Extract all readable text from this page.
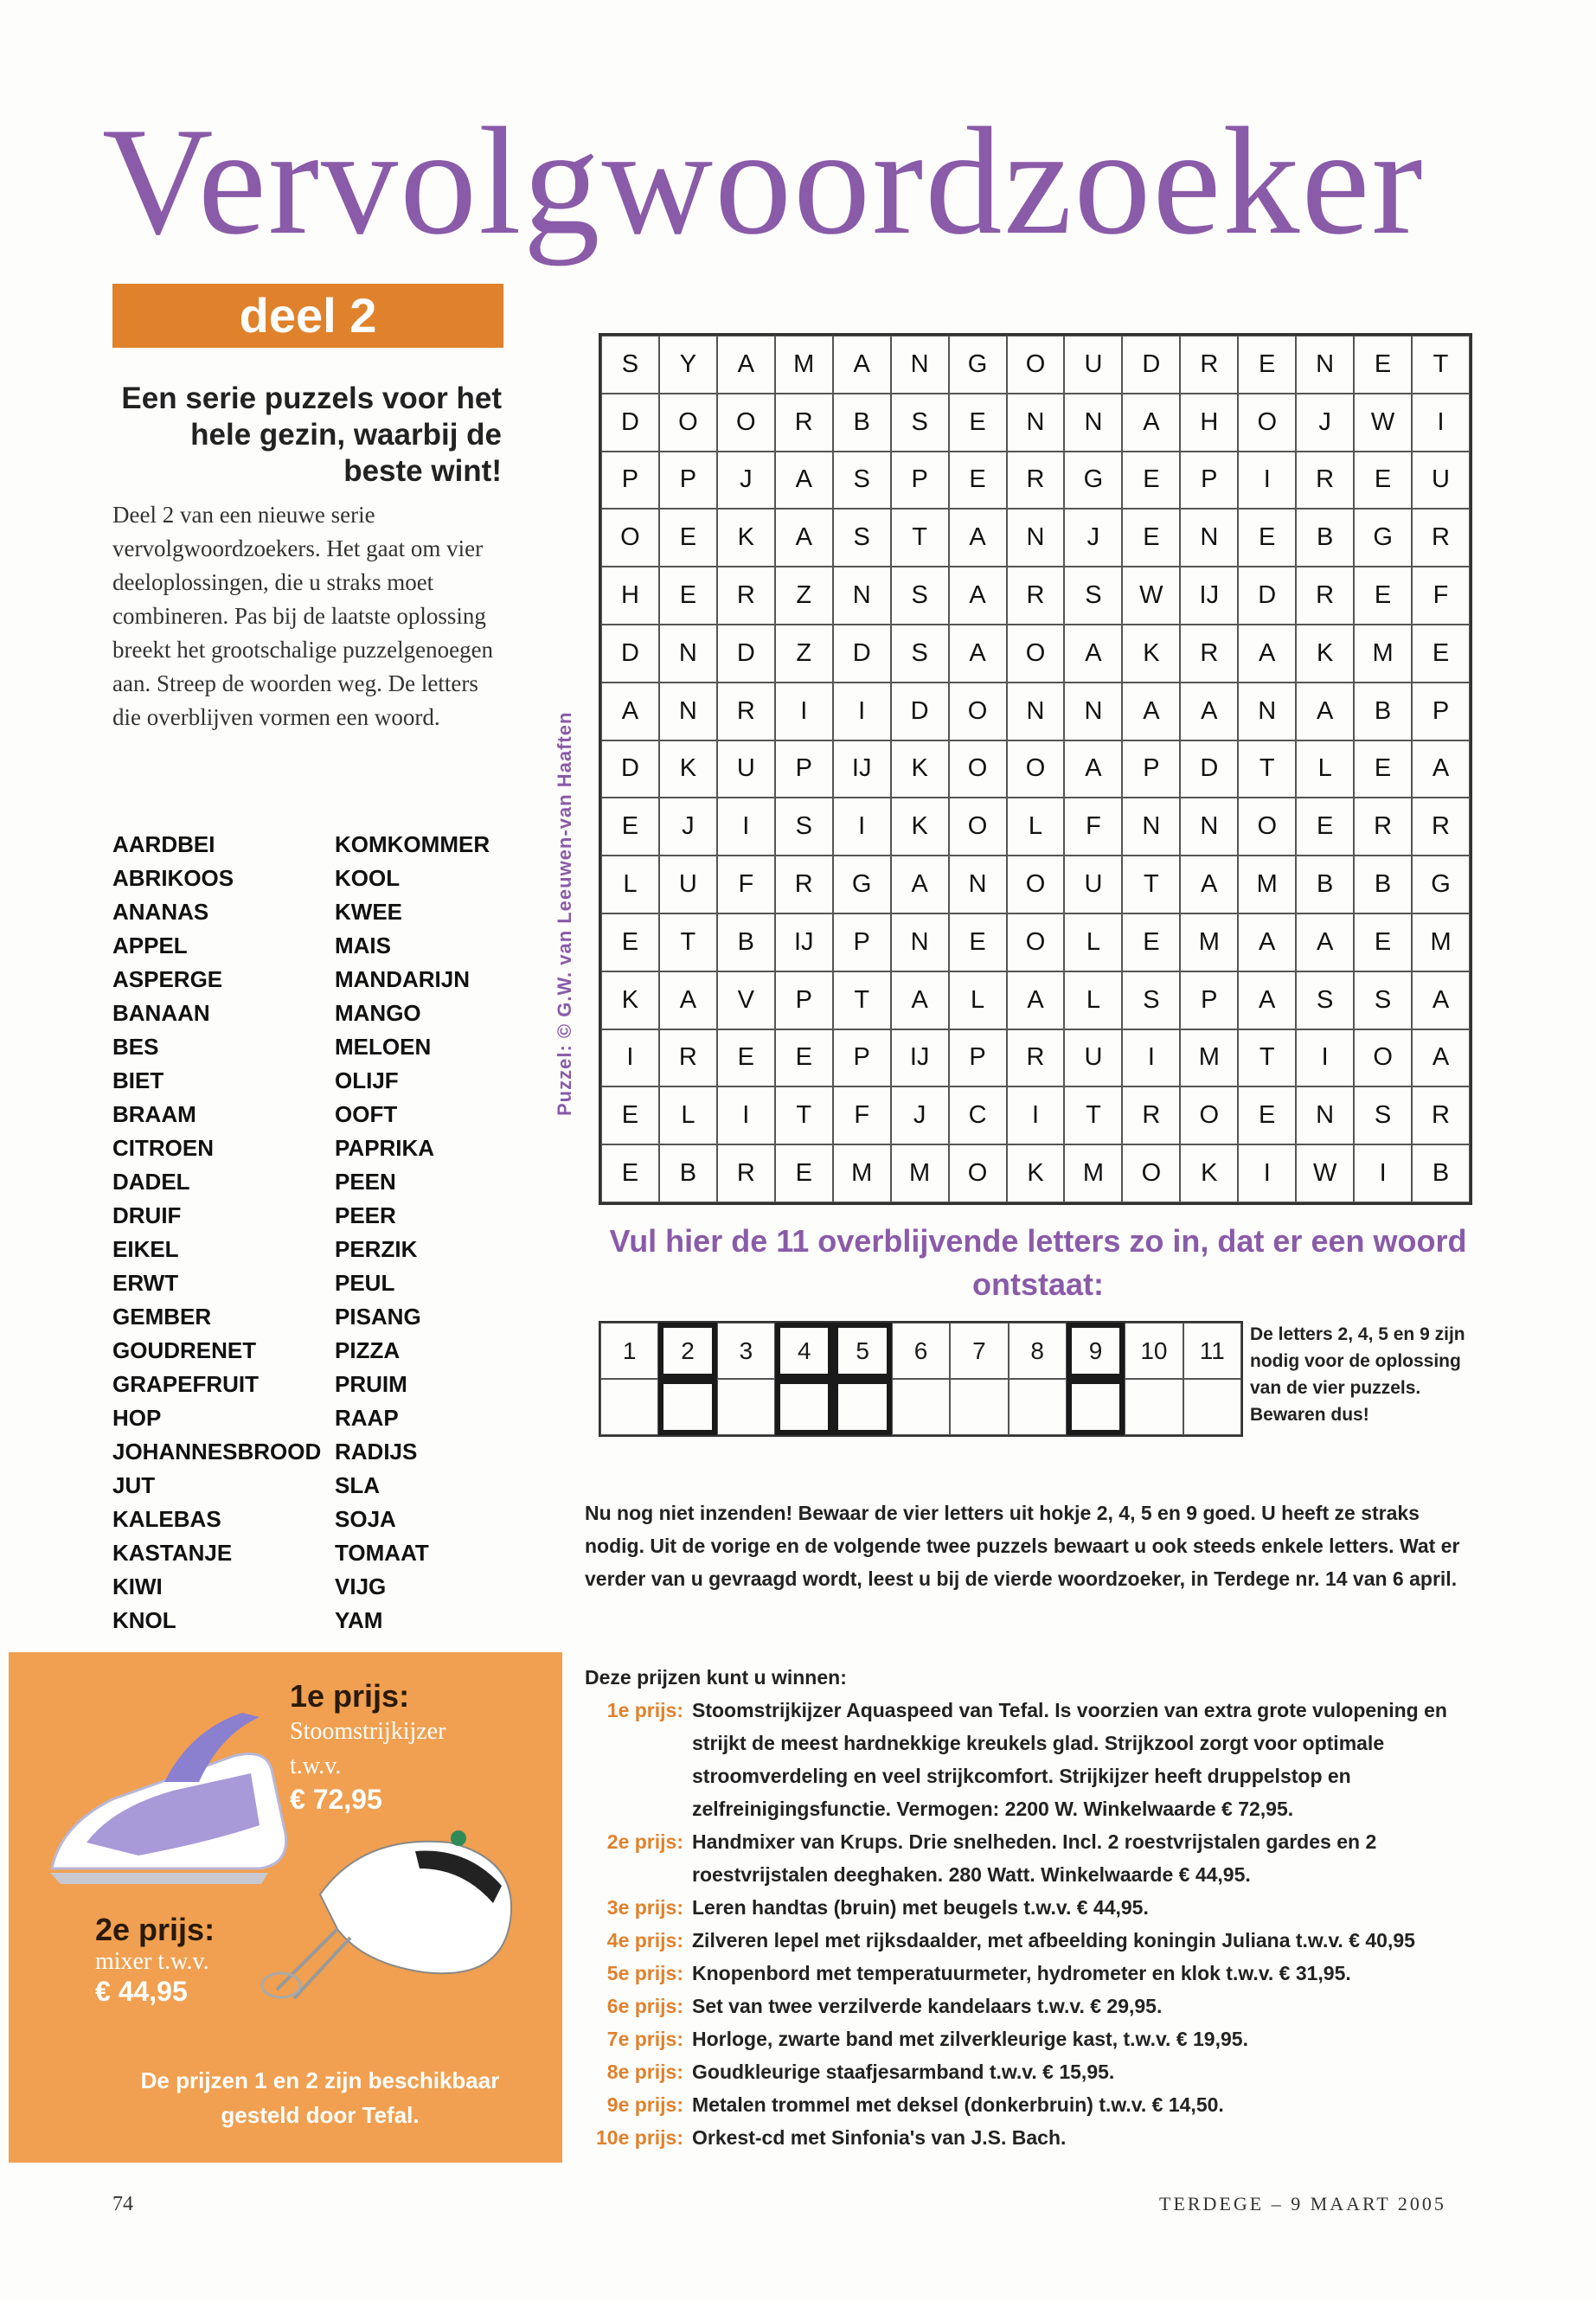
Vervolgwoordzoeker
deel 2
Een serie puzzels voor het hele gezin, waarbij de beste wint!
Deel 2 van een nieuwe serie vervolgwoordzoekers. Het gaat om vier deeloplossingen, die u straks moet combineren. Pas bij de laatste oplossing breekt het grootschalige puzzelgenoegen aan. Streep de woorden weg. De letters die overblijven vormen een woord.
AARDBEI
ABRIKOOS
ANANAS
APPEL
ASPERGE
BANAAN
BES
BIET
BRAAM
CITROEN
DADEL
DRUIF
EIKEL
ERWT
GEMBER
GOUDRENET
GRAPEFRUIT
HOP
JOHANNESBROOD
JUT
KALEBAS
KASTANJE
KIWI
KNOL
KOMKOMMER
KOOL
KWEE
MAIS
MANDARIJN
MANGO
MELOEN
OLIJF
OOFT
PAPRIKA
PEEN
PEER
PERZIK
PEUL
PISANG
PIZZA
PRUIM
RAAP
RADIJS
SLA
SOJA
TOMAAT
VIJG
YAM
Puzzel: © G.W. van Leeuwen-van Haaften
S	Y	A	M	A	N	G	O	U	D	R	E	N	E	T
D	O	O	R	B	S	E	N	N	A	H	O	J	W	I
P	P	J	A	S	P	E	R	G	E	P	I	R	E	U
O	E	K	A	S	T	A	N	J	E	N	E	B	G	R
H	E	R	Z	N	S	A	R	S	W	IJ	D	R	E	F
D	N	D	Z	D	S	A	O	A	K	R	A	K	M	E
A	N	R	I	I	D	O	N	N	A	A	N	A	B	P
D	K	U	P	IJ	K	O	O	A	P	D	T	L	E	A
E	J	I	S	I	K	O	L	F	N	N	O	E	R	R
L	U	F	R	G	A	N	O	U	T	A	M	B	B	G
E	T	B	IJ	P	N	E	O	L	E	M	A	A	E	M
K	A	V	P	T	A	L	A	L	S	P	A	S	S	A
I	R	E	E	P	IJ	P	R	U	I	M	T	I	O	A
E	L	I	T	F	J	C	I	T	R	O	E	N	S	R
E	B	R	E	M	M	O	K	M	O	K	I	W	I	B
Vul hier de 11 overblijvende letters zo in, dat er een woord ontstaat:
1	2	3	4	5	6	7	8	9	10	11
De letters 2, 4, 5 en 9 zijn nodig voor de oplossing van de vier puzzels. Bewaren dus!
Nu nog niet inzenden! Bewaar de vier letters uit hokje 2, 4, 5 en 9 goed. U heeft ze straks nodig. Uit de vorige en de volgende twee puzzels bewaart u ook steeds enkele letters. Wat er verder van u gevraagd wordt, leest u bij de vierde woordzoeker, in Terdege nr. 14 van 6 april.
Deze prijzen kunt u winnen:
1e prijs: Stoomstrijkijzer Aquaspeed van Tefal. Is voorzien van extra grote vulopening en strijkt de meest hardnekkige kreukels glad. Strijkzool zorgt voor optimale stroomverdeling en veel strijkcomfort. Strijkijzer heeft druppelstop en zelfreinigingsfunctie. Vermogen: 2200 W. Winkelwaarde € 72,95.
2e prijs: Handmixer van Krups. Drie snelheden. Incl. 2 roestvrijstalen gardes en 2 roestvrijstalen deeghaken. 280 Watt. Winkelwaarde € 44,95.
3e prijs: Leren handtas (bruin) met beugels t.w.v. € 44,95.
4e prijs: Zilveren lepel met rijksdaalder, met afbeelding koningin Juliana t.w.v. € 40,95
5e prijs: Knopenbord met temperatuurmeter, hydrometer en klok t.w.v. € 31,95.
6e prijs: Set van twee verzilverde kandelaars t.w.v. € 29,95.
7e prijs: Horloge, zwarte band met zilverkleurige kast, t.w.v. € 19,95.
8e prijs: Goudkleurige staafjesarmband t.w.v. € 15,95.
9e prijs: Metalen trommel met deksel (donkerbruin) t.w.v. € 14,50.
10e prijs: Orkest-cd met Sinfonia's van J.S. Bach.
1e prijs:
Stoomstrijkijzer
t.w.v.
€ 72,95
2e prijs:
mixer t.w.v.
€ 44,95
De prijzen 1 en 2 zijn beschikbaar gesteld door Tefal.
74	TERDEGE – 9 MAART 2005
